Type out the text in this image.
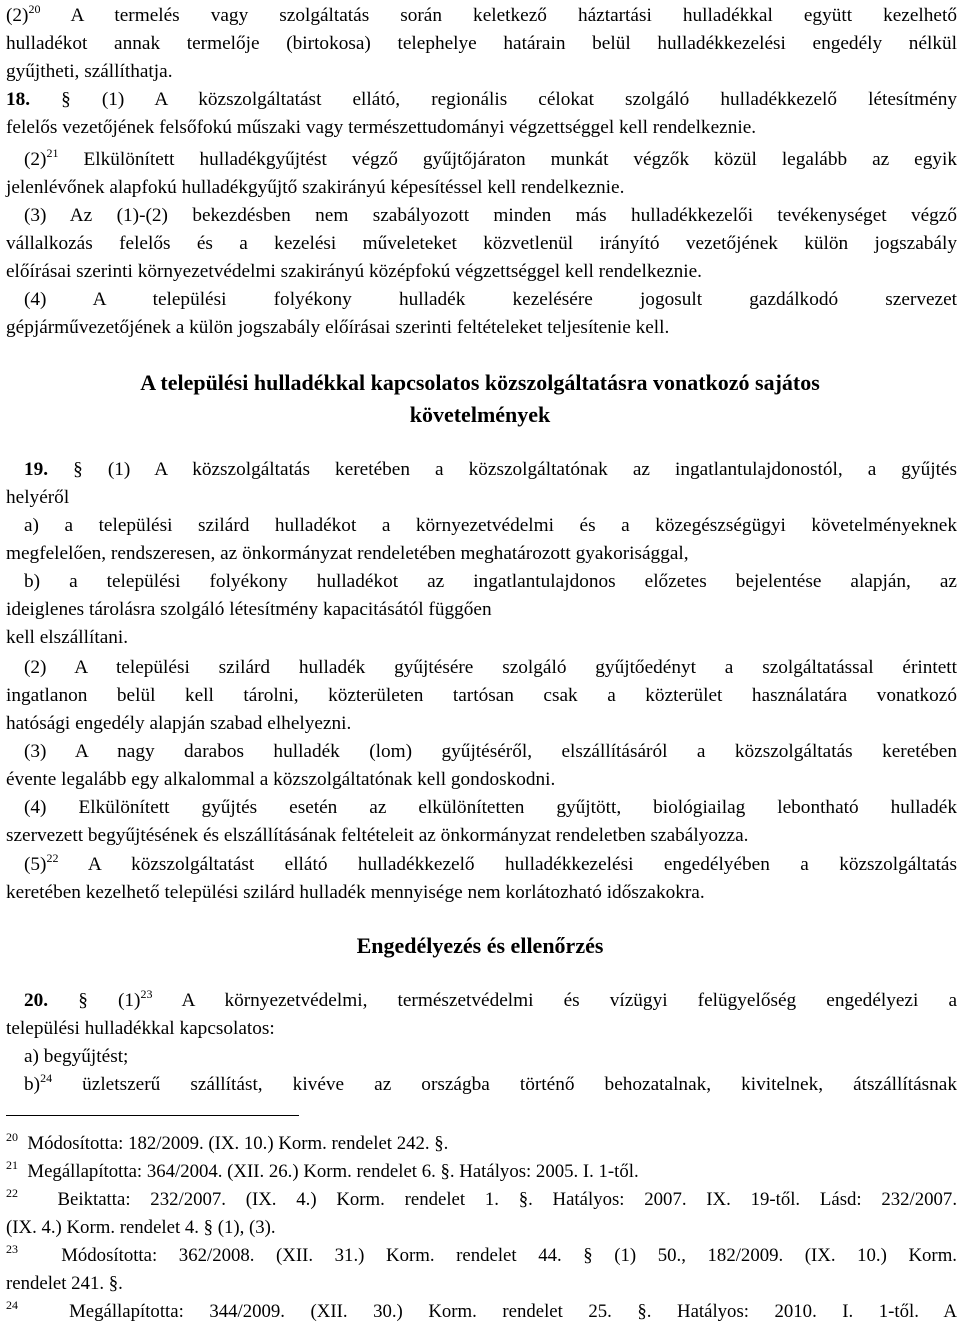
$(2)^{20}$ A termelés vagy szolgáltatás során keletkező háztartási hulladékkal együtt kezelhető
hulladékot annak termelője (birtokosa) telephelye határain belül hulladékkezelési engedély nélkül
gyűjtheti, szállíthatja.
18. § (1) A közszolgáltatást ellátó, regionális célokat szolgáló hulladékkezelő létesítmény
felelős vezetőjének felsőfokú műszaki vagy természettudományi végzettséggel kell rendelkeznie.
$(2)^{21}$ Elkülönített hulladékgyűjtést végző gyűjtőjáraton munkát végzők közül legalább az egyik
jelenlévőnek alapfokú hulladékgyűjtő szakirányú képesítéssel kell rendelkeznie.
(3) Az (1)-(2) bekezdésben nem szabályozott minden más hulladékkezelői tevékenységet végző
vállalkozás felelős és a kezelési műveleteket közvetlenül irányító vezetőjének külön jogszabály
előírásai szerinti környezetvédelmi szakirányú középfokú végzettséggel kell rendelkeznie.
(4) A települési folyékony hulladék kezelésére jogosult gazdálkodó szervezet
gépjárművezetőjének a külön jogszabály előírásai szerinti feltételeket teljesítenie kell.
A települési hulladékkal kapcsolatos közszolgáltatásra vonatkozó sajátos
követelmények
19. § (1) A közszolgáltatás keretében a közszolgáltatónak az ingatlantulajdonostól, a gyűjtés
helyéről
a) a települési szilárd hulladékot a környezetvédelmi és a közegészségügyi követelményeknek
megfelelően, rendszeresen, az önkormányzat rendeletében meghatározott gyakorisággal,
b) a települési folyékony hulladékot az ingatlantulajdonos előzetes bejelentése alapján, az
ideiglenes tárolásra szolgáló létesítmény kapacitásától függően
kell elszállítani.
(2) A települési szilárd hulladék gyűjtésére szolgáló gyűjtőedényt a szolgáltatással érintett
ingatlanon belül kell tárolni, közterületen tartósan csak a közterület használatára vonatkozó
hatósági engedély alapján szabad elhelyezni.
(3) A nagy darabos hulladék (lom) gyűjtéséről, elszállításáról a közszolgáltatás keretében
évente legalább egy alkalommal a közszolgáltatónak kell gondoskodni.
(4) Elkülönített gyűjtés esetén az elkülönítetten gyűjtött, biológiailag lebontható hulladék
szervezett begyűjtésének és elszállításának feltételeit az önkormányzat rendeletben szabályozza.
$(5)^{22}$ A közszolgáltatást ellátó hulladékkezelő hulladékkezelési engedélyében a közszolgáltatás
keretében kezelhető települési szilárd hulladék mennyisége nem korlátozható időszakokra.
Engedélyezés és ellenőrzés
20. § $(1)^{23}$ A környezetvédelmi, természetvédelmi és vízügyi felügyelőség engedélyezi a
települési hulladékkal kapcsolatos:
a) begyűjtést;
b)$^{24}$ üzletszerű szállítást, kivéve az országba történő behozatalnak, kivitelnek, átszállításnak
$^{20}$ Módosította: 182/2009. (IX. 10.) Korm. rendelet 242. §.
$^{21}$ Megállapította: 364/2004. (XII. 26.) Korm. rendelet 6. §. Hatályos: 2005. I. 1-től.
$^{22}$ Beiktatta: 232/2007. (IX. 4.) Korm. rendelet 1. §. Hatályos: 2007. IX. 19-től. Lásd: 232/2007.
(IX. 4.) Korm. rendelet 4. § (1), (3).
$^{23}$ Módosította: 362/2008. (XII. 31.) Korm. rendelet 44. § (1) 50., 182/2009. (IX. 10.) Korm.
rendelet 241. §.
$^{24}$	Megállapította: 344/2009. (XII. 30.) Korm. rendelet 25. §. Hatályos: 2010. I. 1-től. A
